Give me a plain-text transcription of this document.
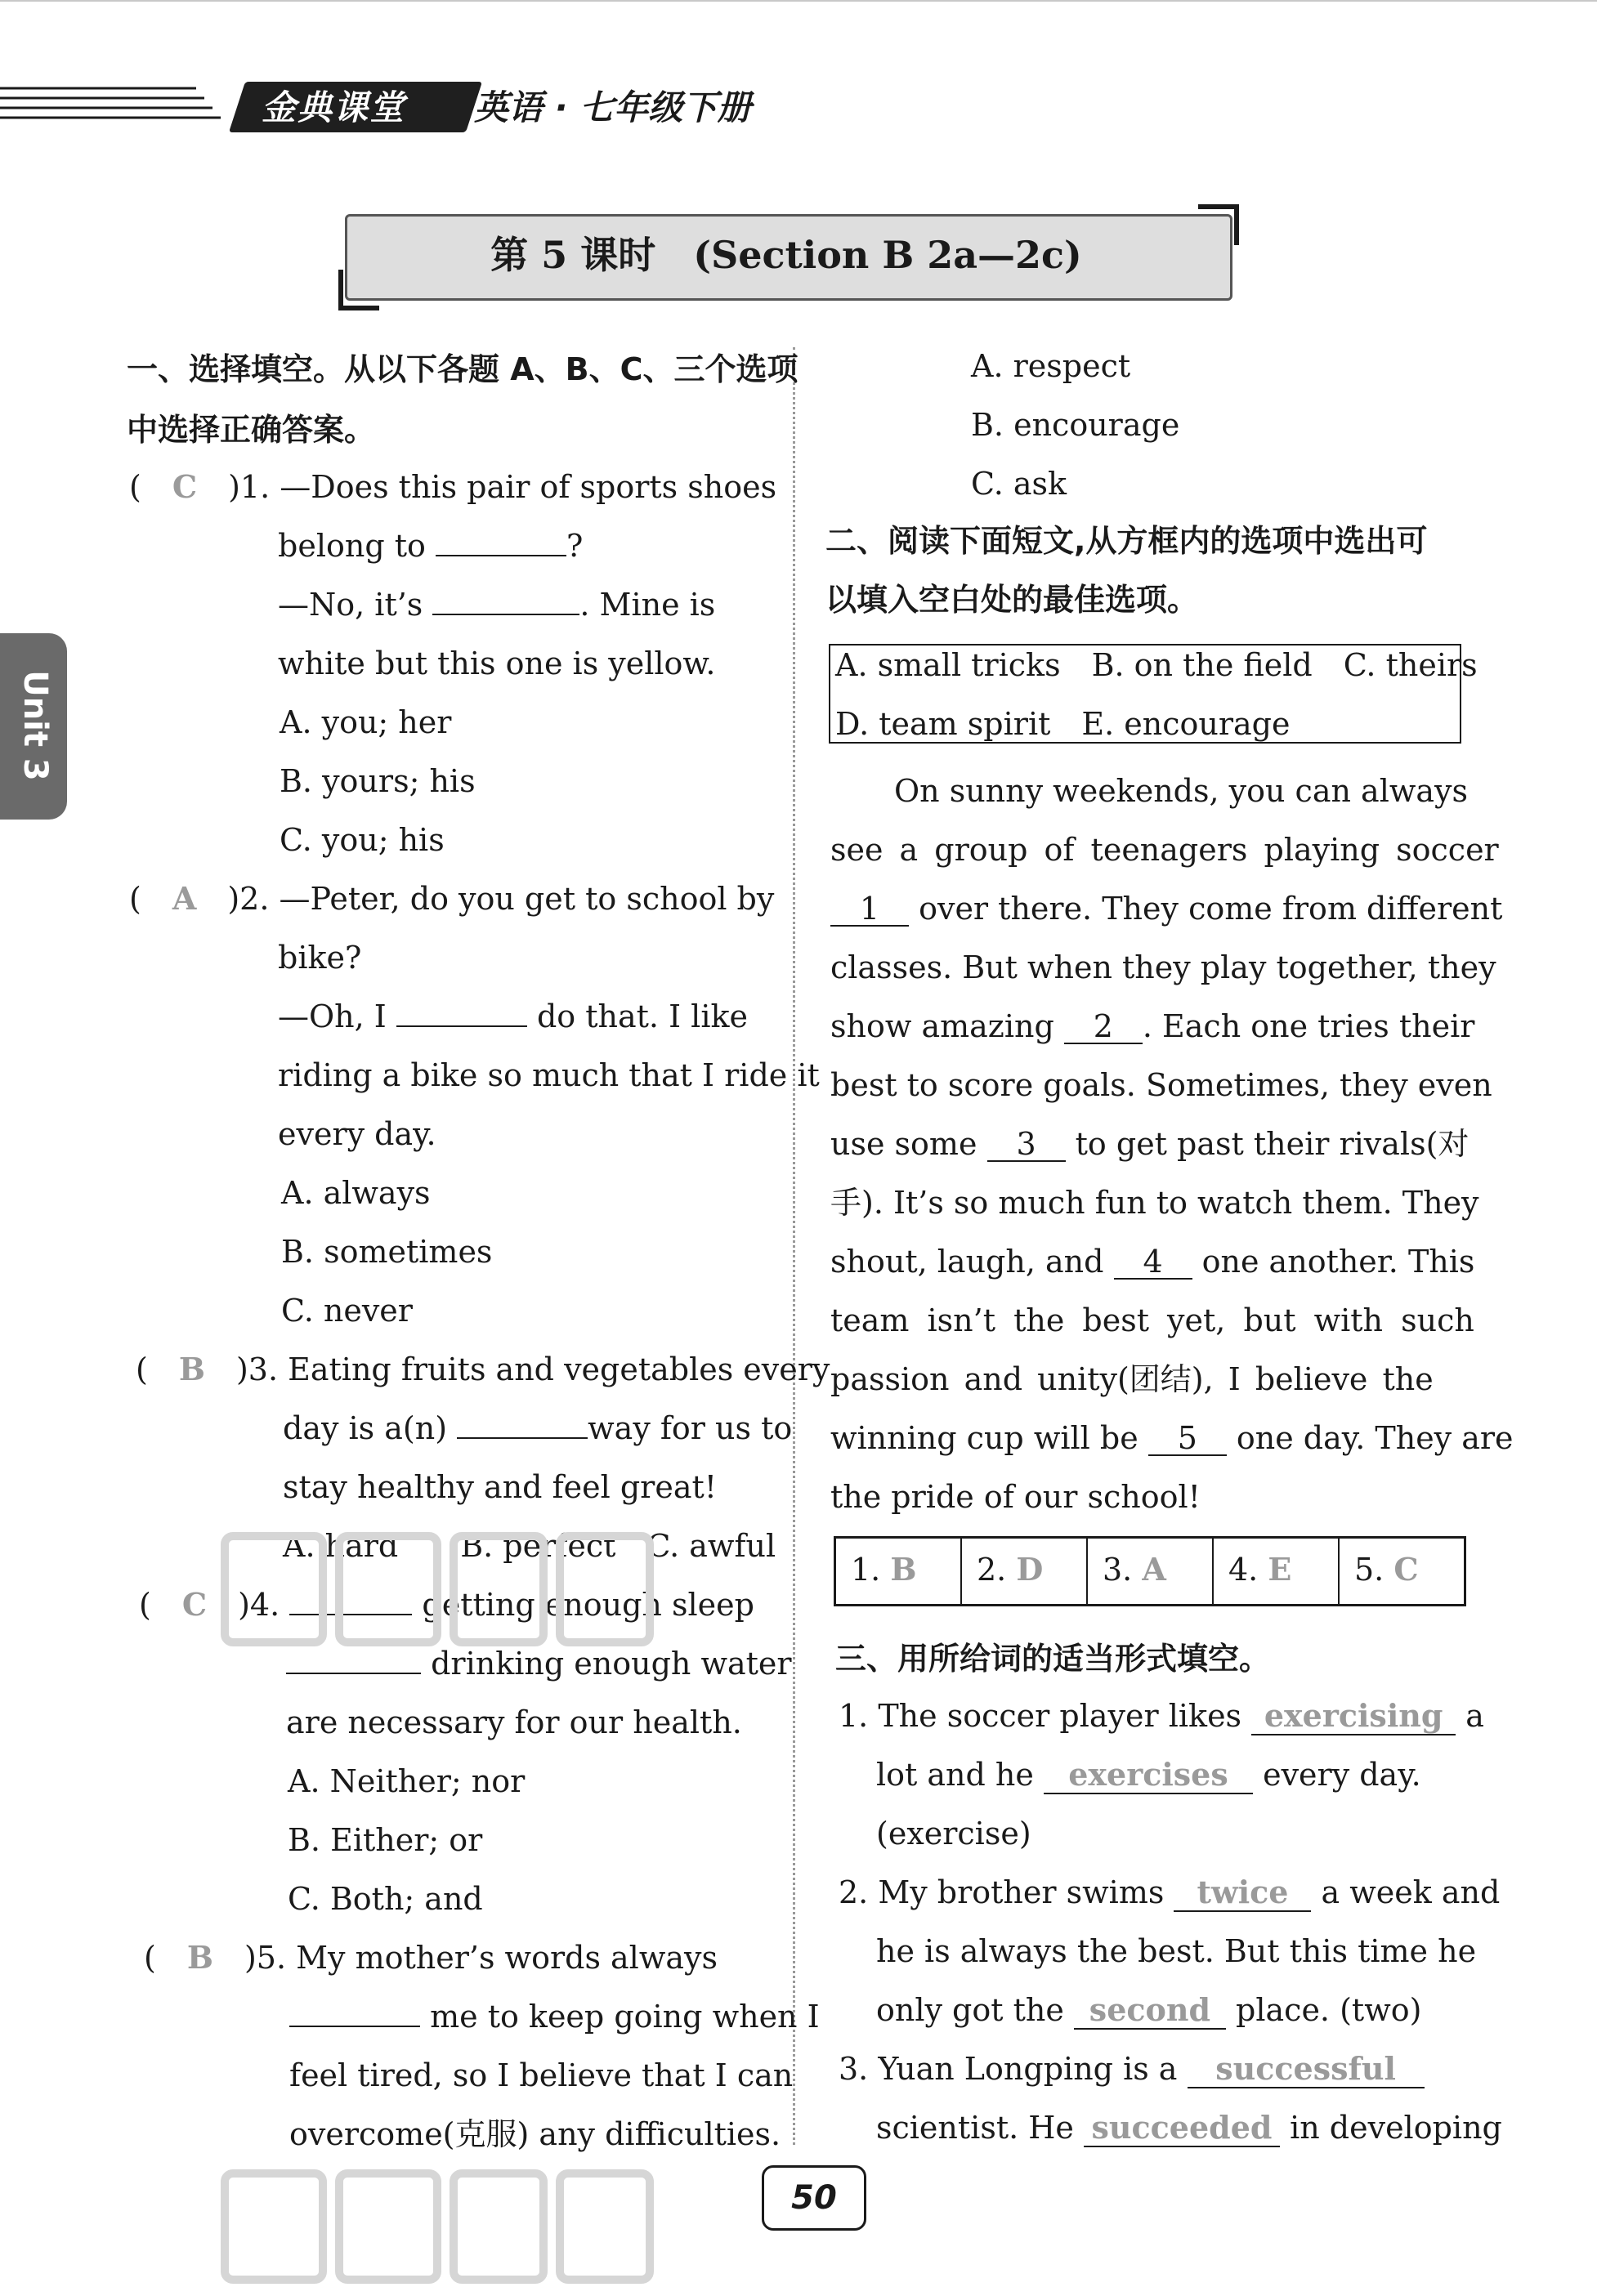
金典课堂	英语 · 七年级下册
第 5 课时　(Section B 2a—2c)
Unit 3
一、选择填空。从以下各题 A、B、C、三个选项
中选择正确答案。
(　C　 )1. —Does this pair of sports shoes
belong to	?
—No, it’s	. Mine is
white but this one is yellow.
A. you; her
B. yours; his
C. you; his
(　A　 )2. —Peter, do you get to school by
bike?
—Oh, I	do that. I like
riding a bike so much that I ride it
every day.
A. always
B. sometimes
C. never
(　B　 )3. Eating fruits and vegetables every
day is a(n)	way for us to
stay healthy and feel great!
A. hard　　B. perfect　C. awful
(　C　 )4.	getting enough sleep
drinking enough water
are necessary for our health.
A. Neither; nor
B. Either; or
C. Both; and
(　B　 )5. My mother’s words always
me to keep going when I
feel tired, so I believe that I can
overcome(克服) any difficulties.
A. respect
B. encourage
C. ask
二、阅读下面短文,从方框内的选项中选出可
以填入空白处的最佳选项。
A. small tricks　B. on the field　C. theirs
D. team spirit　E. encourage
On sunny weekends, you can always
see a group of teenagers playing soccer
1 over there. They come from different
classes. But when they play together, they
show amazing 2 . Each one tries their
best to score goals. Sometimes, they even
use some 3 to get past their rivals(对
手). It’s so much fun to watch them. They
shout, laugh, and 4 one another. This
team isn’t the best yet, but with such
passion and unity(团结), I believe the
winning cup will be 5 one day. They are
the pride of our school!
1. B	2. D	3. A	4. E	5. C
三、用所给词的适当形式填空。
1. The soccer player likes exercising a
lot and he exercises every day.
(exercise)
2. My brother swims twice a week and
he is always the best. But this time he
only got the second place. (two)
3. Yuan Longping is a successful
scientist. He succeeded in developing
50
